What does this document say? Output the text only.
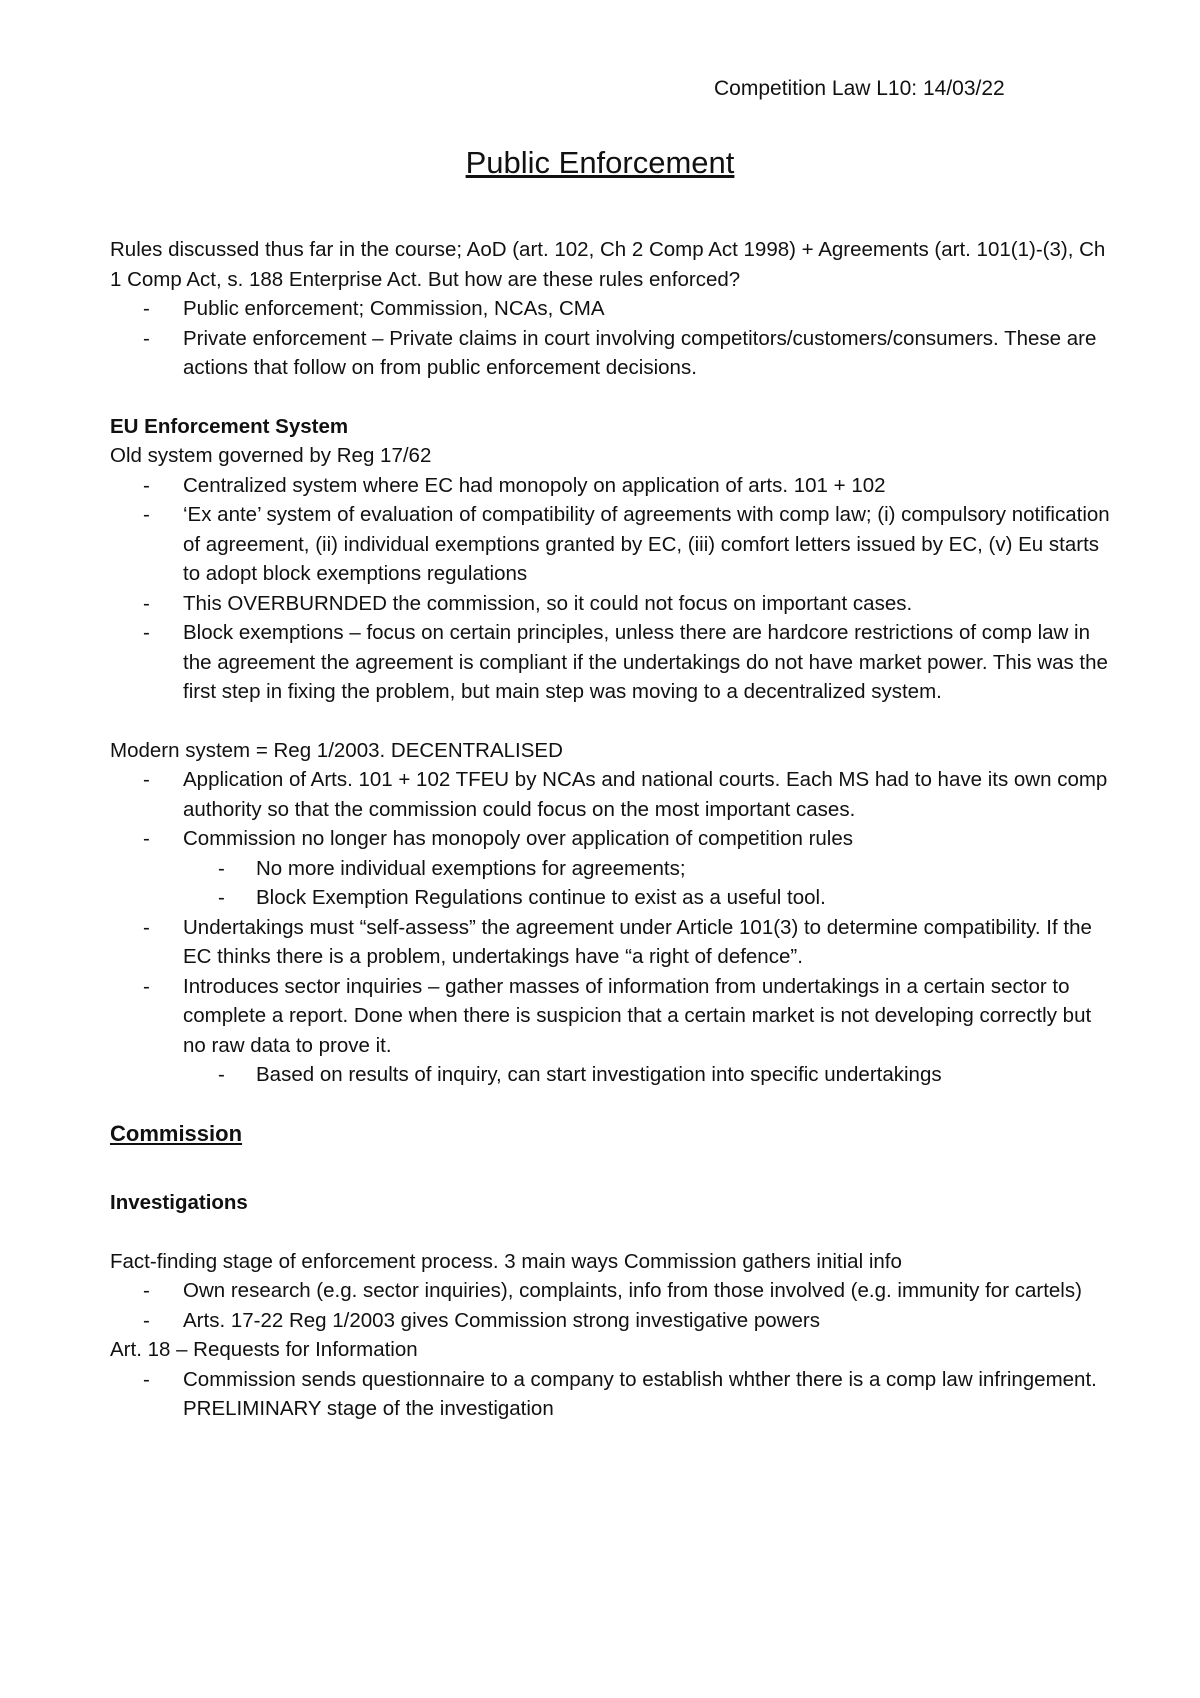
Competition Law L10: 14/03/22
Public Enforcement

Rules discussed thus far in the course; AoD (art. 102, Ch 2 Comp Act 1998) + Agreements (art. 101(1)-(3), Ch 1 Comp Act, s. 188 Enterprise Act. But how are these rules enforced?

- Public enforcement; Commission, NCAs, CMA

- Private enforcement – Private claims in court involving competitors/customers/consumers. These are actions that follow on from public enforcement decisions.

EU Enforcement System

Old system governed by Reg 17/62

- Centralized system where EC had monopoly on application of arts. 101 + 102

- ‘Ex ante’ system of evaluation of compatibility of agreements with comp law; (i) compulsory notification of agreement, (ii) individual exemptions granted by EC, (iii) comfort letters issued by EC, (v) Eu starts to adopt block exemptions regulations

- This OVERBURNDED the commission, so it could not focus on important cases.

- Block exemptions – focus on certain principles, unless there are hardcore restrictions of comp law in the agreement the agreement is compliant if the undertakings do not have market power. This was the first step in fixing the problem, but main step was moving to a decentralized system.

Modern system = Reg 1/2003. DECENTRALISED

- Application of Arts. 101 + 102 TFEU by NCAs and national courts. Each MS had to have its own comp authority so that the commission could focus on the most important cases.

- Commission no longer has monopoly over application of competition rules

- No more individual exemptions for agreements;

- Block Exemption Regulations continue to exist as a useful tool.

- Undertakings must “self-assess” the agreement under Article 101(3) to determine compatibility. If the EC thinks there is a problem, undertakings have “a right of defence”.

- Introduces sector inquiries – gather masses of information from undertakings in a certain sector to complete a report. Done when there is suspicion that a certain market is not developing correctly but no raw data to prove it.

- Based on results of inquiry, can start investigation into specific undertakings

Commission

Investigations

Fact-finding stage of enforcement process. 3 main ways Commission gathers initial info

- Own research (e.g. sector inquiries), complaints, info from those involved (e.g. immunity for cartels)

- Arts. 17-22 Reg 1/2003 gives Commission strong investigative powers

Art. 18 – Requests for Information

- Commission sends questionnaire to a company to establish whther there is a comp law infringement. PRELIMINARY stage of the investigation
